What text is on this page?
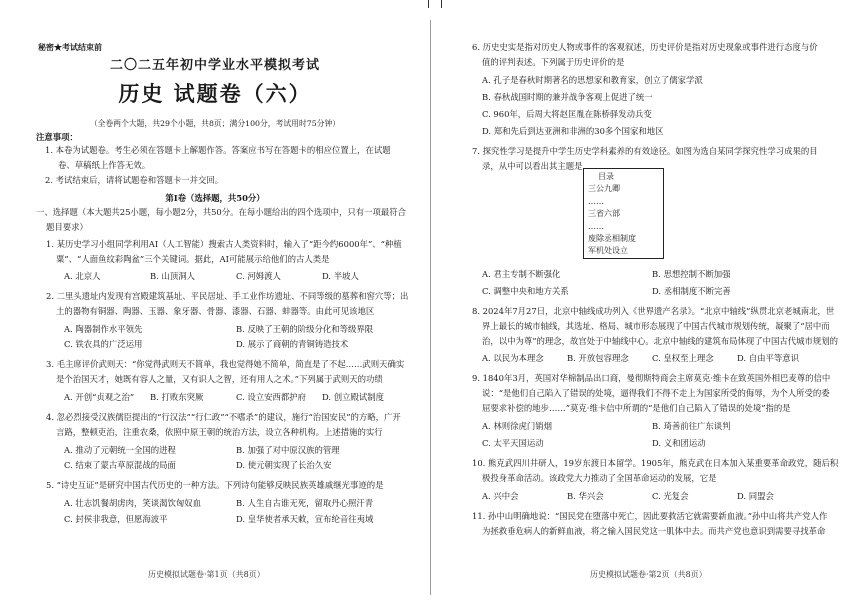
秘密★考试结束前
二〇二五年初中学业水平模拟考试
历史 试题卷（六）
（全卷两个大题，共29个小题，共8页；满分100分，考试用时75分钟）
注意事项：
1. 本卷为试题卷。考生必须在答题卡上解题作答。答案应书写在答题卡的相应位置上，在试题
卷、草稿纸上作答无效。
2. 考试结束后，请将试题卷和答题卡一并交回。
第Ⅰ卷（选择题，共50分）
一、选择题（本大题共25小题，每小题2分，共50分。在每小题给出的四个选项中，只有一项最符合
题目要求）
1. 某历史学习小组同学利用AI（人工智能）搜索古人类资料时，输入了“距今约6000年”、“种植
粟”、“人面鱼纹彩陶盆”三个关键词。据此，AI可能展示给他们的古人类是
A. 北京人	B. 山顶洞人	C. 河姆渡人	D. 半坡人
2. 二里头遗址内发现有宫殿建筑基址、平民居址、手工业作坊遗址、不同等级的墓葬和窖穴等；出
土的器物有铜器、陶器、玉器、象牙器、骨器、漆器、石器、蚌器等。由此可见该地区
A. 陶器制作水平领先	B. 反映了王朝的阶级分化和等级界限
C. 铁农具的广泛运用	D. 展示了商朝的青铜铸造技术
3. 毛主席评价武则天：“你觉得武则天不简单，我也觉得她不简单，简直是了不起……武则天确实
是个治国天才，她既有容人之量，又有识人之智，还有用人之术。”下列属于武则天的功绩
A. 开创“贞观之治” B. 打败东突厥	C. 设立安西都护府 D. 创立殿试制度
4. 忽必烈接受汉族儒臣提出的“行汉法”“行仁政”“不嗜杀”的建议，施行“治国安民”的方略，广开
言路，整顿吏治，注重农桑，依照中原王朝的统治方法，设立各种机构。上述措施的实行
A. 推动了元朝统一全国的进程	B. 加强了对中原汉族的管理
C. 结束了蒙古草原混战的局面	D. 使元朝实现了长治久安
5. “诗史互证”是研究中国古代历史的一种方法。下列诗句能够反映民族英雄戚继光事迹的是
A. 壮志饥餐胡虏肉，笑谈渴饮匈奴血	B. 人生自古谁无死，留取丹心照汗青
C. 封侯非我意，但愿海波平	D. 皇华使者承天敕，宣布纶音往夷域
历史模拟试题卷·第1页（共8页）
6. 历史史实是指对历史人物或事件的客观叙述，历史评价是指对历史现象或事件进行态度与价
值的评判表述。下列属于历史评价的是
A. 孔子是春秋时期著名的思想家和教育家，创立了儒家学派
B. 春秋战国时期的兼并战争客观上促进了统一
C. 960年，后周大将赵匡胤在陈桥驿发动兵变
D. 郑和先后到达亚洲和非洲的30多个国家和地区
7. 探究性学习是提升中学生历史学科素养的有效途径。如图为选自某同学探究性学习成果的目
录，从中可以看出其主题是
A. 君主专制不断强化	B. 思想控制不断加强
C. 调整中央和地方关系	D. 丞相制度不断完善
8. 2024年7月27日，北京中轴线成功列入《世界遗产名录》。“北京中轴线”纵贯北京老城南北，世
界上最长的城市轴线，其选址、格局、城市形态展现了中国古代城市规划传统，凝聚了“居中而
治，以中为尊”的理念，故宫处于中轴线中心。北京中轴线的建筑布局体现了中国古代城市规划的
A. 以民为本理念	B. 开放包容理念	C. 皇权至上理念	D. 自由平等意识
9. 1840年3月，英国对华棉制品出口商，曼彻斯特商会主席莫克·维卡在致英国外相巴麦尊的信中
说：“是他们自己陷入了错误的处境，逼得我们不得不走上为国家所受的侮辱，为个人所受的委
屈要求补偿的地步……”莫克·维卡信中所谓的“是他们自己陷入了错误的处境”指的是
A. 林则徐虎门销烟	B. 琦善前往广东谈判
C. 太平天国运动	D. 义和团运动
10. 熊克武四川井研人，19岁东渡日本留学。1905年，熊克武在日本加入某重要革命政党，随后积
极投身革命活动。该政党大力推动了全国革命运动的发展，它是
A. 兴中会	B. 华兴会	C. 光复会	D. 同盟会
11. 孙中山明确地说：“国民党在堕落中死亡，因此要救活它就需要新血液。”孙中山将共产党人作
为拯救垂危病人的新鲜血液，将之输入国民党这一肌体中去。而共产党也意识到需要寻找革命
历史模拟试题卷·第2页（共8页）
目录
三公九卿
……
三省六部
……
废除丞相制度
军机处设立
